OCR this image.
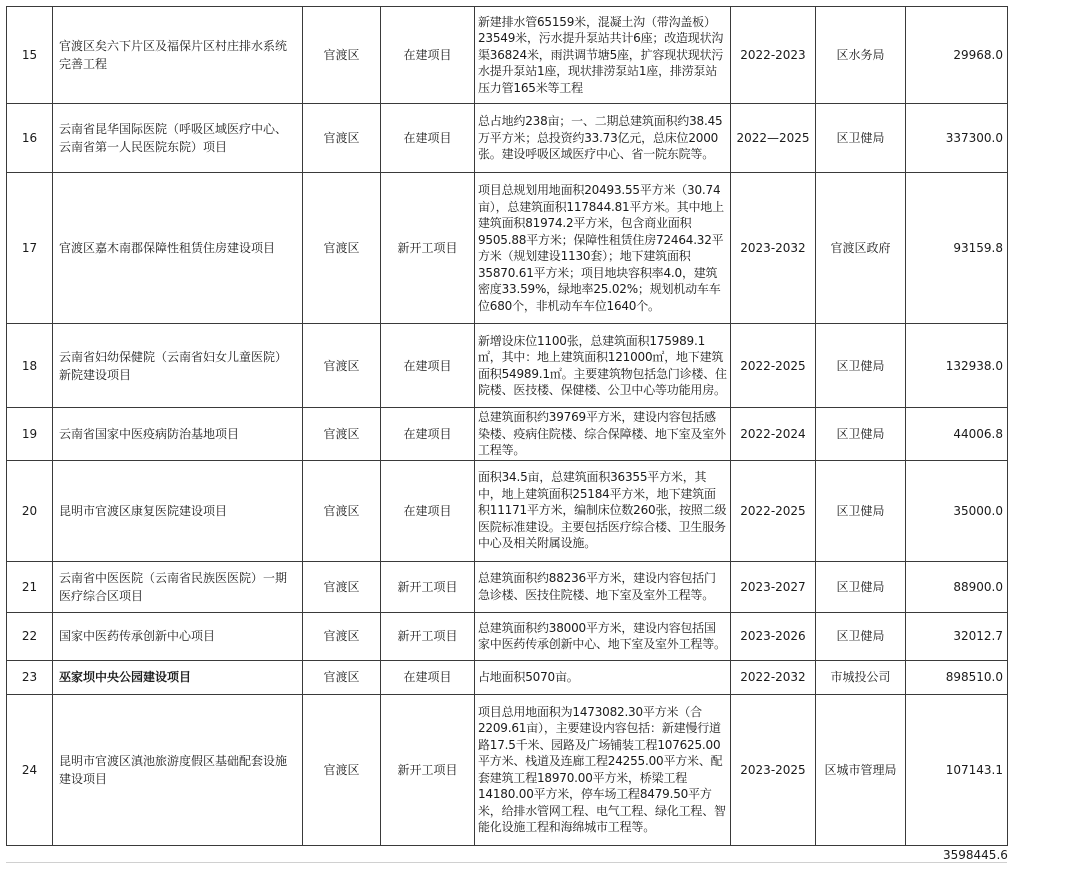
15	官渡区矣六下片区及福保片区村庄排水系统完善工程	官渡区	在建项目	新建排水管65159米，混凝土沟（带沟盖板）23549米，污水提升泵站共计6座；改造现状沟渠36824米，雨洪调节塘5座，扩容现状现状污水提升泵站1座，现状排涝泵站1座，排涝泵站压力管165米等工程	2022-2023	区水务局	29968.0
16	云南省昆华国际医院（呼吸区域医疗中心、云南省第一人民医院东院）项目	官渡区	在建项目	总占地约238亩；一、二期总建筑面积约38.45万平方米；总投资约33.73亿元，总床位2000张。建设呼吸区域医疗中心、省一院东院等。	2022—2025	区卫健局	337300.0
17	官渡区嘉木南郡保障性租赁住房建设项目	官渡区	新开工项目	项目总规划用地面积20493.55平方米（30.74亩），总建筑面积117844.81平方米。其中地上建筑面积81974.2平方米，包含商业面积9505.88平方米；保障性租赁住房72464.32平方米（规划建设1130套）；地下建筑面积35870.61平方米；项目地块容积率4.0，建筑密度33.59%，绿地率25.02%；规划机动车车位680个，非机动车车位1640个。	2023-2032	官渡区政府	93159.8
18	云南省妇幼保健院（云南省妇女儿童医院）新院建设项目	官渡区	在建项目	新增设床位1100张，总建筑面积175989.1㎡，其中：地上建筑面积121000㎡，地下建筑面积54989.1㎡。主要建筑物包括急门诊楼、住院楼、医技楼、保健楼、公卫中心等功能用房。	2022-2025	区卫健局	132938.0
19	云南省国家中医疫病防治基地项目	官渡区	在建项目	总建筑面积约39769平方米，建设内容包括感染楼、疫病住院楼、综合保障楼、地下室及室外工程等。	2022-2024	区卫健局	44006.8
20	昆明市官渡区康复医院建设项目	官渡区	在建项目	面积34.5亩，总建筑面积36355平方米，其中，地上建筑面积25184平方米，地下建筑面积11171平方米，编制床位数260张，按照二级医院标准建设。主要包括医疗综合楼、卫生服务中心及相关附属设施。	2022-2025	区卫健局	35000.0
21	云南省中医医院（云南省民族医医院）一期医疗综合区项目	官渡区	新开工项目	总建筑面积约88236平方米，建设内容包括门急诊楼、医技住院楼、地下室及室外工程等。	2023-2027	区卫健局	88900.0
22	国家中医药传承创新中心项目	官渡区	新开工项目	总建筑面积约38000平方米，建设内容包括国家中医药传承创新中心、地下室及室外工程等。	2023-2026	区卫健局	32012.7
23	巫家坝中央公园建设项目	官渡区	在建项目	占地面积5070亩。	2022-2032	市城投公司	898510.0
24	昆明市官渡区滇池旅游度假区基础配套设施建设项目	官渡区	新开工项目	项目总用地面积为1473082.30平方米（合2209.61亩），主要建设内容包括：新建慢行道路17.5千米、园路及广场铺装工程107625.00平方米、栈道及连廊工程24255.00平方米、配套建筑工程18970.00平方米，桥梁工程14180.00平方米，停车场工程8479.50平方米，给排水管网工程、电气工程、绿化工程、智能化设施工程和海绵城市工程等。	2023-2025	区城市管理局	107143.1
3598445.6
